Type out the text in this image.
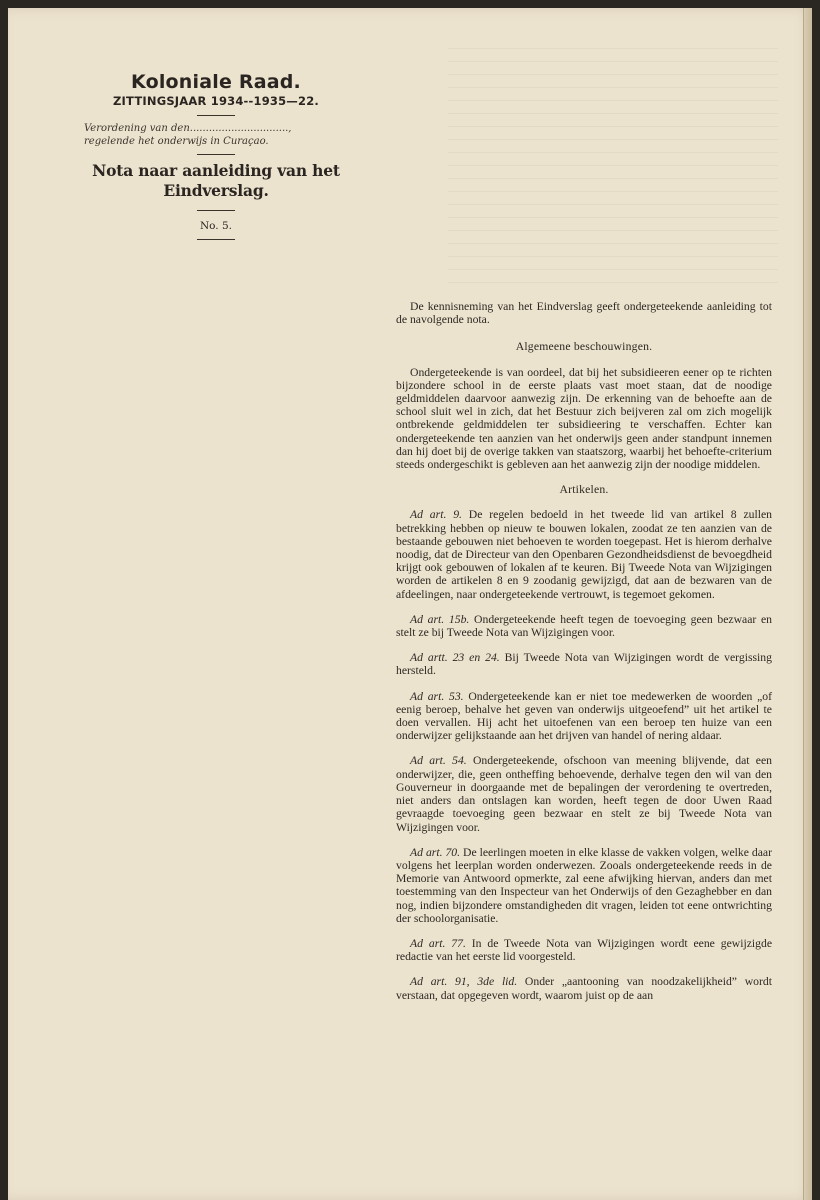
Koloniale Raad.
ZITTINGSJAAR 1934--1935—22.
Verordening van den...............................,
regelende het onderwijs in Curaçao.
Nota naar aanleiding van het
Eindverslag.
No. 5.

De kennisneming van het Eindverslag geeft ondergeteekende aanleiding tot de navolgende nota.

Algemeene beschouwingen.

Ondergeteekende is van oordeel, dat bij het subsidieeren eener op te richten bijzondere school in de eerste plaats vast moet staan, dat de noodige geldmiddelen daarvoor aanwezig zijn. De erkenning van de behoefte aan de school sluit wel in zich, dat het Bestuur zich beijveren zal om zich mogelijk ontbrekende geldmiddelen ter subsidieering te verschaffen. Echter kan ondergeteekende ten aanzien van het onderwijs geen ander standpunt innemen dan hij doet bij de overige takken van staatszorg, waarbij het behoefte-criterium steeds ondergeschikt is gebleven aan het aanwezig zijn der noodige middelen.

Artikelen.

Ad art. 9. De regelen bedoeld in het tweede lid van artikel 8 zullen betrekking hebben op nieuw te bouwen lokalen, zoodat ze ten aanzien van de bestaande gebouwen niet behoeven te worden toegepast. Het is hierom derhalve noodig, dat de Directeur van den Openbaren Gezondheidsdienst de bevoegdheid krijgt ook gebouwen of lokalen af te keuren. Bij Tweede Nota van Wijzigingen worden de artikelen 8 en 9 zoodanig gewijzigd, dat aan de bezwaren van de afdeelingen, naar ondergeteekende vertrouwt, is tegemoet gekomen.

Ad art. 15b. Ondergeteekende heeft tegen de toevoeging geen bezwaar en stelt ze bij Tweede Nota van Wijzigingen voor.

Ad artt. 23 en 24. Bij Tweede Nota van Wijzigingen wordt de vergissing hersteld.

Ad art. 53. Ondergeteekende kan er niet toe medewerken de woorden „of eenig beroep, behalve het geven van onderwijs uitgeoefend” uit het artikel te doen vervallen. Hij acht het uitoefenen van een beroep ten huize van een onderwijzer gelijkstaande aan het drijven van handel of nering aldaar.

Ad art. 54. Ondergeteekende, ofschoon van meening blijvende, dat een onderwijzer, die, geen ontheffing behoevende, derhalve tegen den wil van den Gouverneur in doorgaande met de bepalingen der verordening te overtreden, niet anders dan ontslagen kan worden, heeft tegen de door Uwen Raad gevraagde toevoeging geen bezwaar en stelt ze bij Tweede Nota van Wijzigingen voor.

Ad art. 70. De leerlingen moeten in elke klasse de vakken volgen, welke daar volgens het leerplan worden onderwezen. Zooals ondergeteekende reeds in de Memorie van Antwoord opmerkte, zal eene afwijking hiervan, anders dan met toestemming van den Inspecteur van het Onderwijs of den Gezaghebber en dan nog, indien bijzondere omstandigheden dit vragen, leiden tot eene ontwrichting der schoolorganisatie.

Ad art. 77. In de Tweede Nota van Wijzigingen wordt eene gewijzigde redactie van het eerste lid voorgesteld.

Ad art. 91, 3de lid. Onder „aantooning van noodzakelijkheid” wordt verstaan, dat opgegeven wordt, waarom juist op de aan
